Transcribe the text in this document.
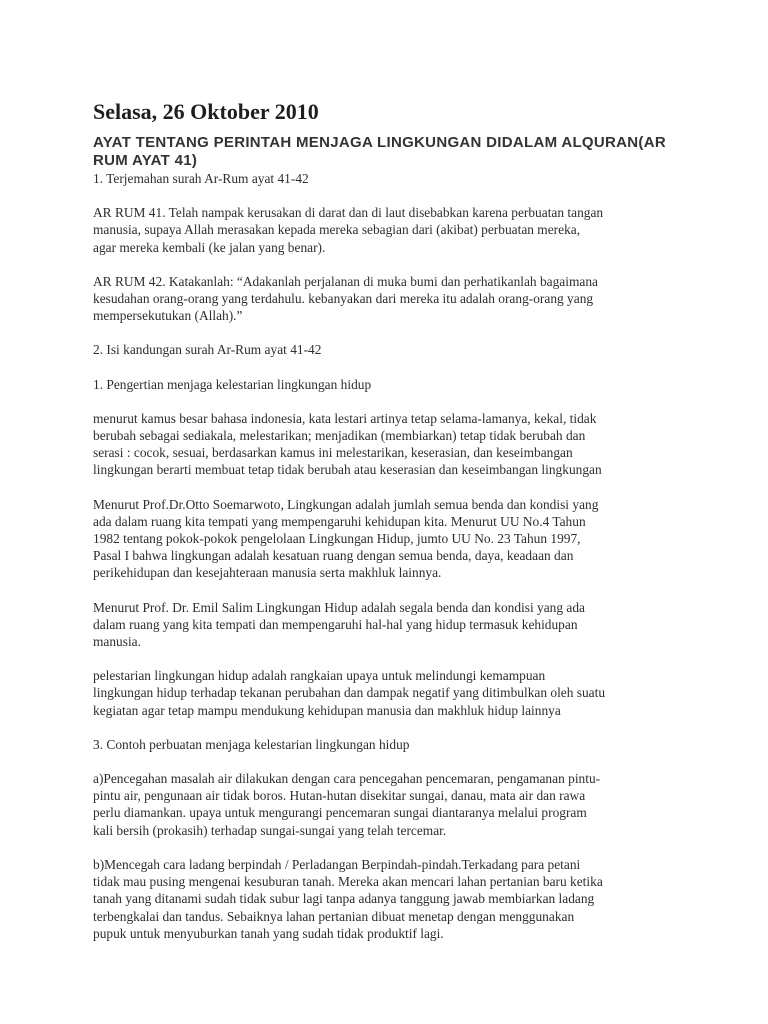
Selasa, 26 Oktober 2010
AYAT TENTANG PERINTAH MENJAGA LINGKUNGAN DIDALAM ALQURAN(AR RUM AYAT 41)

1. Terjemahan surah Ar-Rum ayat 41-42

AR RUM 41. Telah nampak kerusakan di darat dan di laut disebabkan karena perbuatan tangan

manusia, supaya Allah merasakan kepada mereka sebagian dari (akibat) perbuatan mereka,

agar mereka kembali (ke jalan yang benar).

AR RUM 42. Katakanlah: “Adakanlah perjalanan di muka bumi dan perhatikanlah bagaimana

kesudahan orang-orang yang terdahulu. kebanyakan dari mereka itu adalah orang-orang yang

mempersekutukan (Allah).”

2. Isi kandungan surah Ar-Rum ayat 41-42

1. Pengertian menjaga kelestarian lingkungan hidup

menurut kamus besar bahasa indonesia, kata lestari artinya tetap selama-lamanya, kekal, tidak

berubah sebagai sediakala, melestarikan; menjadikan (membiarkan) tetap tidak berubah dan

serasi : cocok, sesuai, berdasarkan kamus ini melestarikan, keserasian, dan keseimbangan

lingkungan berarti membuat tetap tidak berubah atau keserasian dan keseimbangan lingkungan

Menurut Prof.Dr.Otto Soemarwoto, Lingkungan adalah jumlah semua benda dan kondisi yang

ada dalam ruang kita tempati yang mempengaruhi kehidupan kita. Menurut UU No.4 Tahun

1982 tentang pokok-pokok pengelolaan Lingkungan Hidup, jumto UU No. 23 Tahun 1997,

Pasal I bahwa lingkungan adalah kesatuan ruang dengan semua benda, daya, keadaan dan

perikehidupan dan kesejahteraan manusia serta makhluk lainnya.

Menurut Prof. Dr. Emil Salim Lingkungan Hidup adalah segala benda dan kondisi yang ada

dalam ruang yang kita tempati dan mempengaruhi hal-hal yang hidup termasuk kehidupan

manusia.

pelestarian lingkungan hidup adalah rangkaian upaya untuk melindungi kemampuan

lingkungan hidup terhadap tekanan perubahan dan dampak negatif yang ditimbulkan oleh suatu

kegiatan agar tetap mampu mendukung kehidupan manusia dan makhluk hidup lainnya

3. Contoh perbuatan menjaga kelestarian lingkungan hidup

a)Pencegahan masalah air dilakukan dengan cara pencegahan pencemaran, pengamanan pintu-

pintu air, pengunaan air tidak boros. Hutan-hutan disekitar sungai, danau, mata air dan rawa

perlu diamankan. upaya untuk mengurangi pencemaran sungai diantaranya melalui program

kali bersih (prokasih) terhadap sungai-sungai yang telah tercemar.

b)Mencegah cara ladang berpindah / Perladangan Berpindah-pindah.Terkadang para petani

tidak mau pusing mengenai kesuburan tanah. Mereka akan mencari lahan pertanian baru ketika

tanah yang ditanami sudah tidak subur lagi tanpa adanya tanggung jawab membiarkan ladang

terbengkalai dan tandus. Sebaiknya lahan pertanian dibuat menetap dengan menggunakan

pupuk untuk menyuburkan tanah yang sudah tidak produktif lagi.
